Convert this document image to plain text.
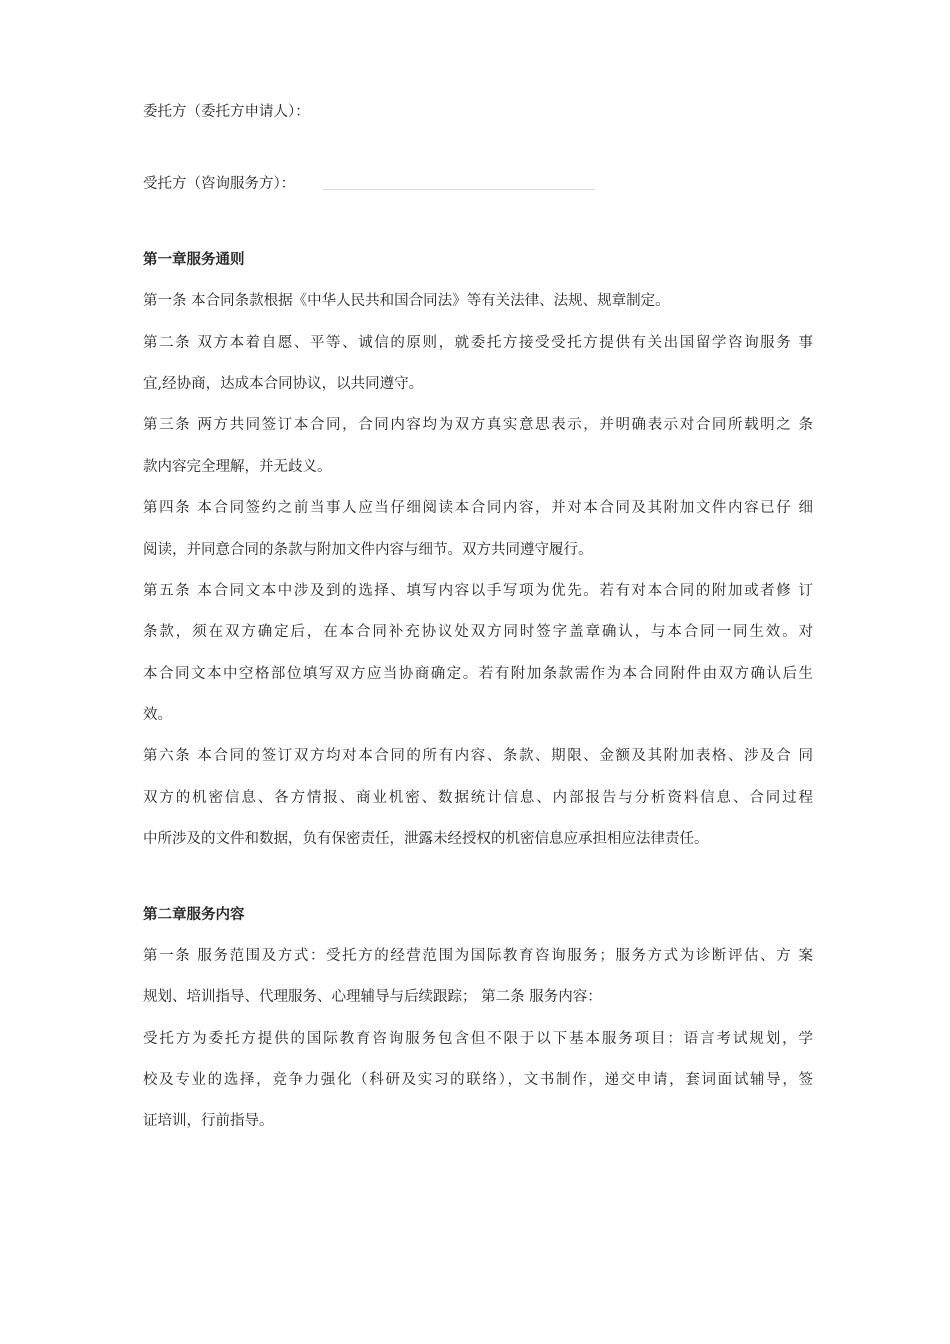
委托方（委托方申请人）：
受托方（咨询服务方）：
第一章服务通则
第一条 本合同条款根据《中华人民共和国合同法》等有关法律、法规、规章制定。
第二条 双方本着自愿、平等、诚信的原则，就委托方接受受托方提供有关出国留学咨询服务 事
宜,经协商，达成本合同协议，以共同遵守。
第三条 两方共同签订本合同，合同内容均为双方真实意思表示，并明确表示对合同所载明之 条
款内容完全理解，并无歧义。
第四条 本合同签约之前当事人应当仔细阅读本合同内容，并对本合同及其附加文件内容已仔 细
阅读，并同意合同的条款与附加文件内容与细节。双方共同遵守履行。
第五条 本合同文本中涉及到的选择、填写内容以手写项为优先。若有对本合同的附加或者修 订
条款，须在双方确定后，在本合同补充协议处双方同时签字盖章确认，与本合同一同生效。对
本合同文本中空格部位填写双方应当协商确定。若有附加条款需作为本合同附件由双方确认后生
效。
第六条 本合同的签订双方均对本合同的所有内容、条款、期限、金额及其附加表格、涉及合 同
双方的机密信息、各方情报、商业机密、数据统计信息、内部报告与分析资料信息、合同过程
中所涉及的文件和数据，负有保密责任，泄露未经授权的机密信息应承担相应法律责任。
第二章服务内容
第一条 服务范围及方式：受托方的经营范围为国际教育咨询服务；服务方式为诊断评估、方 案
规划、培训指导、代理服务、心理辅导与后续跟踪； 第二条 服务内容：
受托方为委托方提供的国际教育咨询服务包含但不限于以下基本服务项目：语言考试规划，学
校及专业的选择，竞争力强化（科研及实习的联络），文书制作，递交申请，套词面试辅导，签
证培训，行前指导。
